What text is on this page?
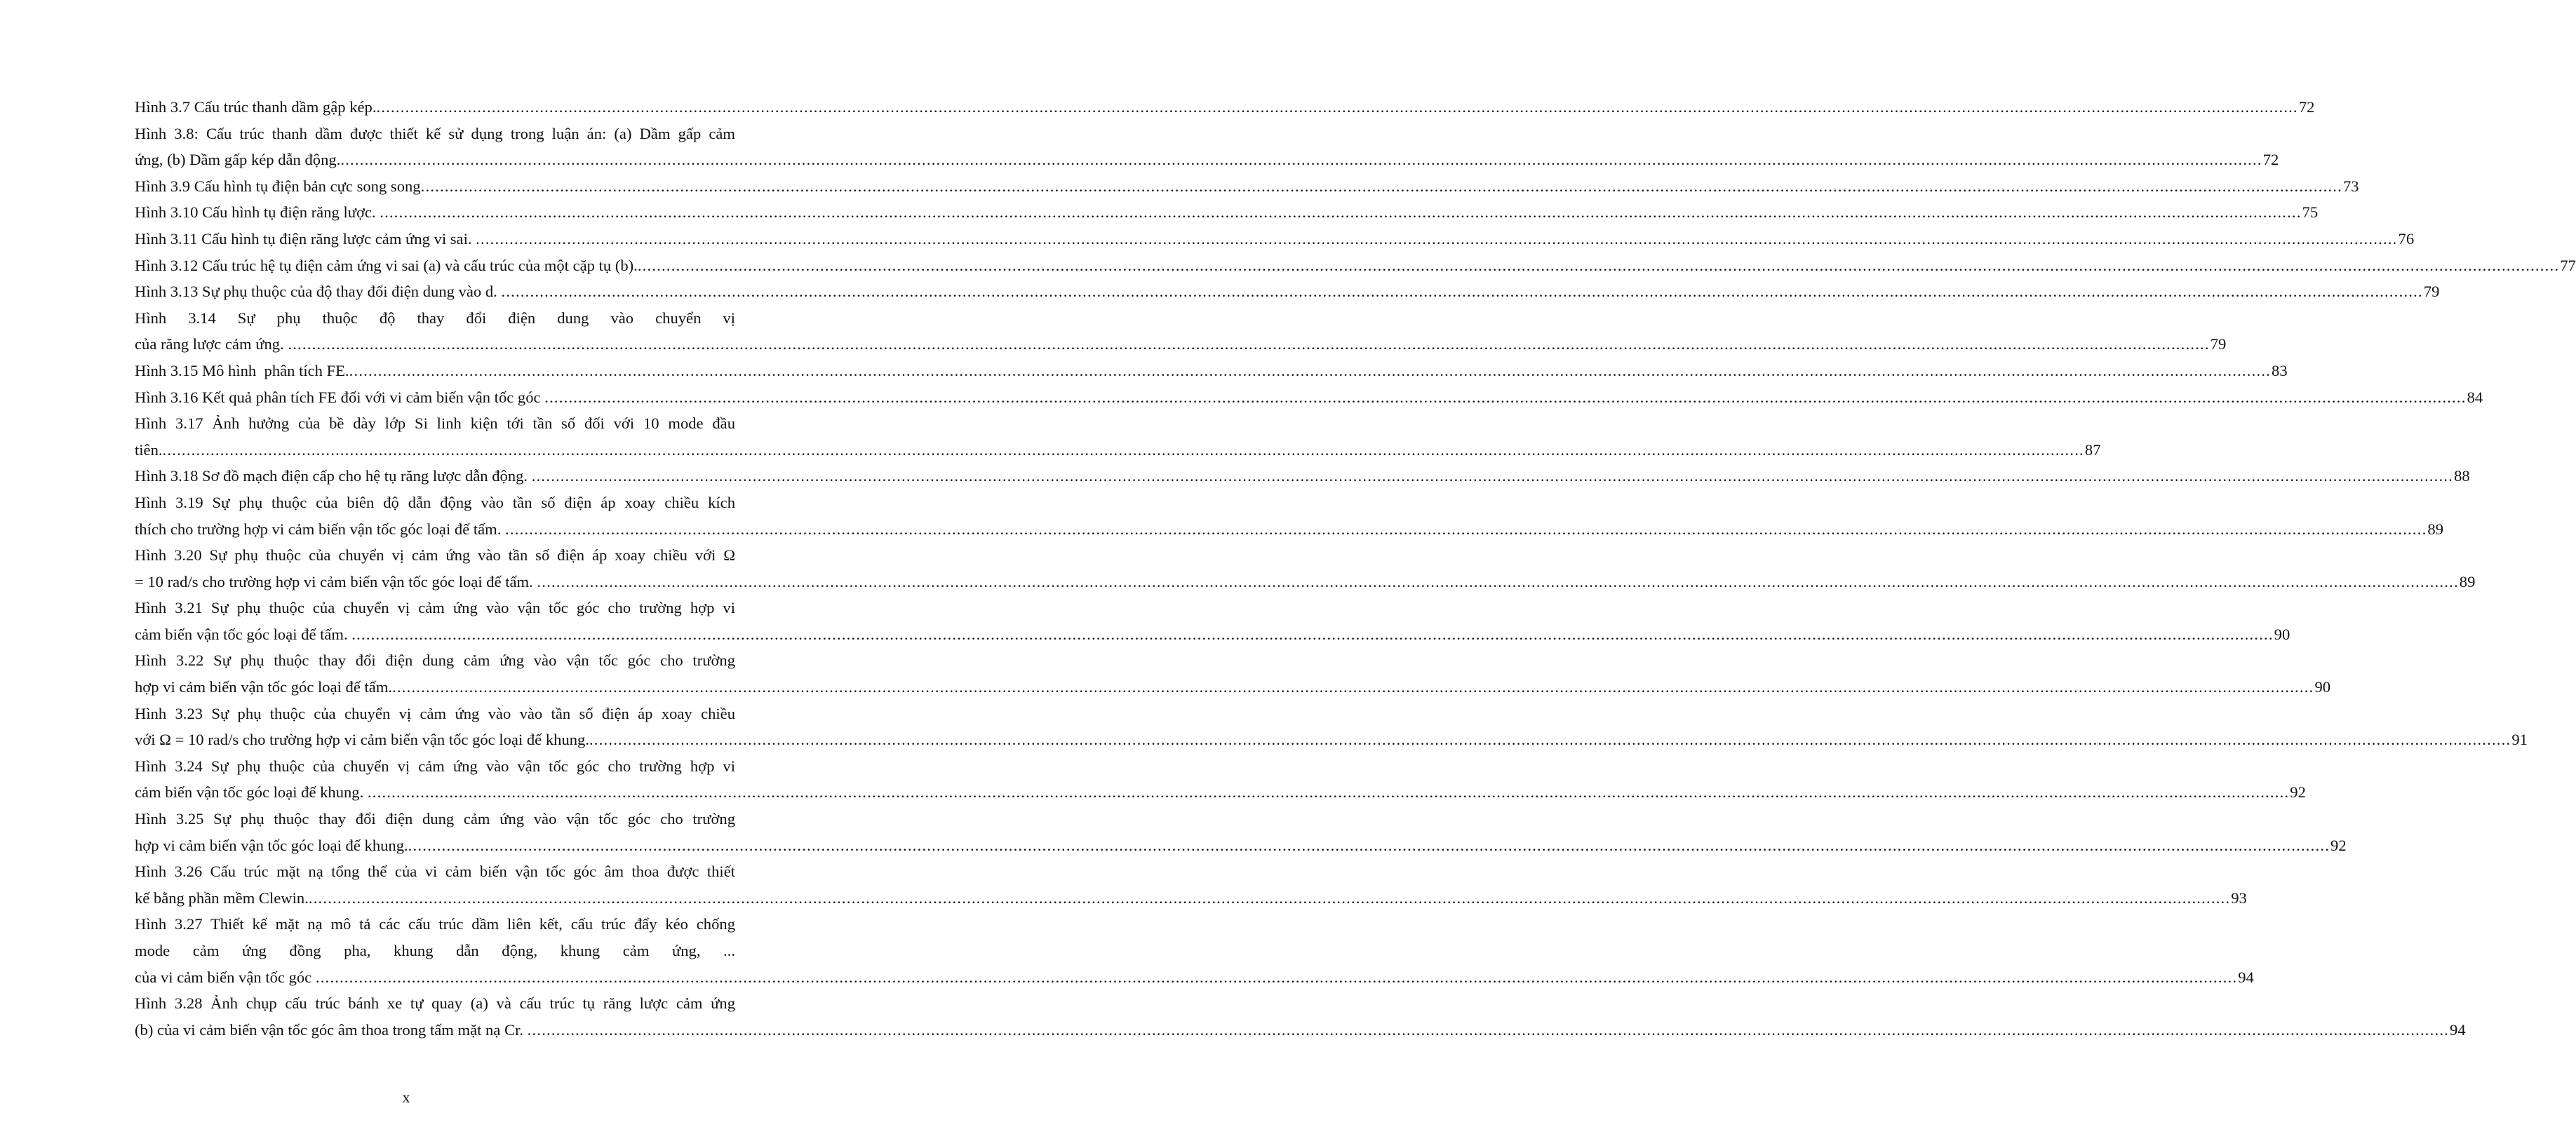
Hình 3.7 Cấu trúc thanh dầm gập kép. ................................................................................................................................................................................................................................................................................................................................................................................................................ 72
Hình 3.8: Cấu trúc thanh dầm được thiết kế sử dụng trong luận án: (a) Dầm gấp cảm
ứng, (b) Dầm gấp kép dẫn động. ................................................................................................................................................................................................................................................................................................................................................................................................................ 72
Hình 3.9 Cấu hình tụ điện bản cực song song ................................................................................................................................................................................................................................................................................................................................................................................................................ 73
Hình 3.10 Cấu hình tụ điện răng lược. ................................................................................................................................................................................................................................................................................................................................................................................................................ 75
Hình 3.11 Cấu hình tụ điện răng lược cảm ứng vi sai. ................................................................................................................................................................................................................................................................................................................................................................................................................ 76
Hình 3.12 Cấu trúc hệ tụ điện cảm ứng vi sai (a) và cấu trúc của một cặp tụ (b). ................................................................................................................................................................................................................................................................................................................................................................................................................ 77
Hình 3.13 Sự phụ thuộc của độ thay đổi điện dung vào d. ................................................................................................................................................................................................................................................................................................................................................................................................................ 79
Hình 3.14 Sự phụ thuộc độ thay đổi điện dung vào chuyển vị
của răng lược cảm ứng. ................................................................................................................................................................................................................................................................................................................................................................................................................ 79
Hình 3.15 Mô hình  phân tích FE. ................................................................................................................................................................................................................................................................................................................................................................................................................ 83
Hình 3.16 Kết quả phân tích FE đối với vi cảm biến vận tốc góc ................................................................................................................................................................................................................................................................................................................................................................................................................ 84
Hình 3.17 Ảnh hưởng của bề dày lớp Si linh kiện tới tần số đối với 10 mode đầu
tiên. ................................................................................................................................................................................................................................................................................................................................................................................................................ 87
Hình 3.18 Sơ đồ mạch điện cấp cho hệ tụ răng lược dẫn động. ................................................................................................................................................................................................................................................................................................................................................................................................................ 88
Hình 3.19 Sự phụ thuộc của biên độ dẫn động vào tần số điện áp xoay chiều kích
thích cho trường hợp vi cảm biến vận tốc góc loại đế tấm. ................................................................................................................................................................................................................................................................................................................................................................................................................ 89
Hình 3.20 Sự phụ thuộc của chuyển vị cảm ứng vào tần số điện áp xoay chiều với Ω
= 10 rad/s cho trường hợp vi cảm biến vận tốc góc loại đế tấm. ................................................................................................................................................................................................................................................................................................................................................................................................................ 89
Hình 3.21 Sự phụ thuộc của chuyển vị cảm ứng vào vận tốc góc cho trường hợp vi
cảm biến vận tốc góc loại đế tấm. ................................................................................................................................................................................................................................................................................................................................................................................................................ 90
Hình 3.22 Sự phụ thuộc thay đổi điện dung cảm ứng vào vận tốc góc cho trường
hợp vi cảm biến vận tốc góc loại đế tấm. ................................................................................................................................................................................................................................................................................................................................................................................................................ 90
Hình 3.23 Sự phụ thuộc của chuyển vị cảm ứng vào vào tần số điện áp xoay chiều
với Ω = 10 rad/s cho trường hợp vi cảm biến vận tốc góc loại đế khung. ................................................................................................................................................................................................................................................................................................................................................................................................................ 91
Hình 3.24 Sự phụ thuộc của chuyển vị cảm ứng vào vận tốc góc cho trường hợp vi
cảm biến vận tốc góc loại đế khung. ................................................................................................................................................................................................................................................................................................................................................................................................................ 92
Hình 3.25 Sự phụ thuộc thay đổi điện dung cảm ứng vào vận tốc góc cho trường
hợp vi cảm biến vận tốc góc loại đế khung. ................................................................................................................................................................................................................................................................................................................................................................................................................ 92
Hình 3.26 Cấu trúc mặt nạ tổng thể của vi cảm biến vận tốc góc âm thoa được thiết
kế bằng phần mềm Clewin. ................................................................................................................................................................................................................................................................................................................................................................................................................ 93
Hình 3.27 Thiết kế mặt nạ mô tả các cấu trúc dầm liên kết, cấu trúc đẩy kéo chống
mode cảm ứng đồng pha, khung dẫn động, khung cảm ứng, ...
của vi cảm biến vận tốc góc ................................................................................................................................................................................................................................................................................................................................................................................................................ 94
Hình 3.28 Ảnh chụp cấu trúc bánh xe tự quay (a) và cấu trúc tụ răng lược cảm ứng
(b) của vi cảm biến vận tốc góc âm thoa trong tấm mặt nạ Cr. ................................................................................................................................................................................................................................................................................................................................................................................................................ 94
x
